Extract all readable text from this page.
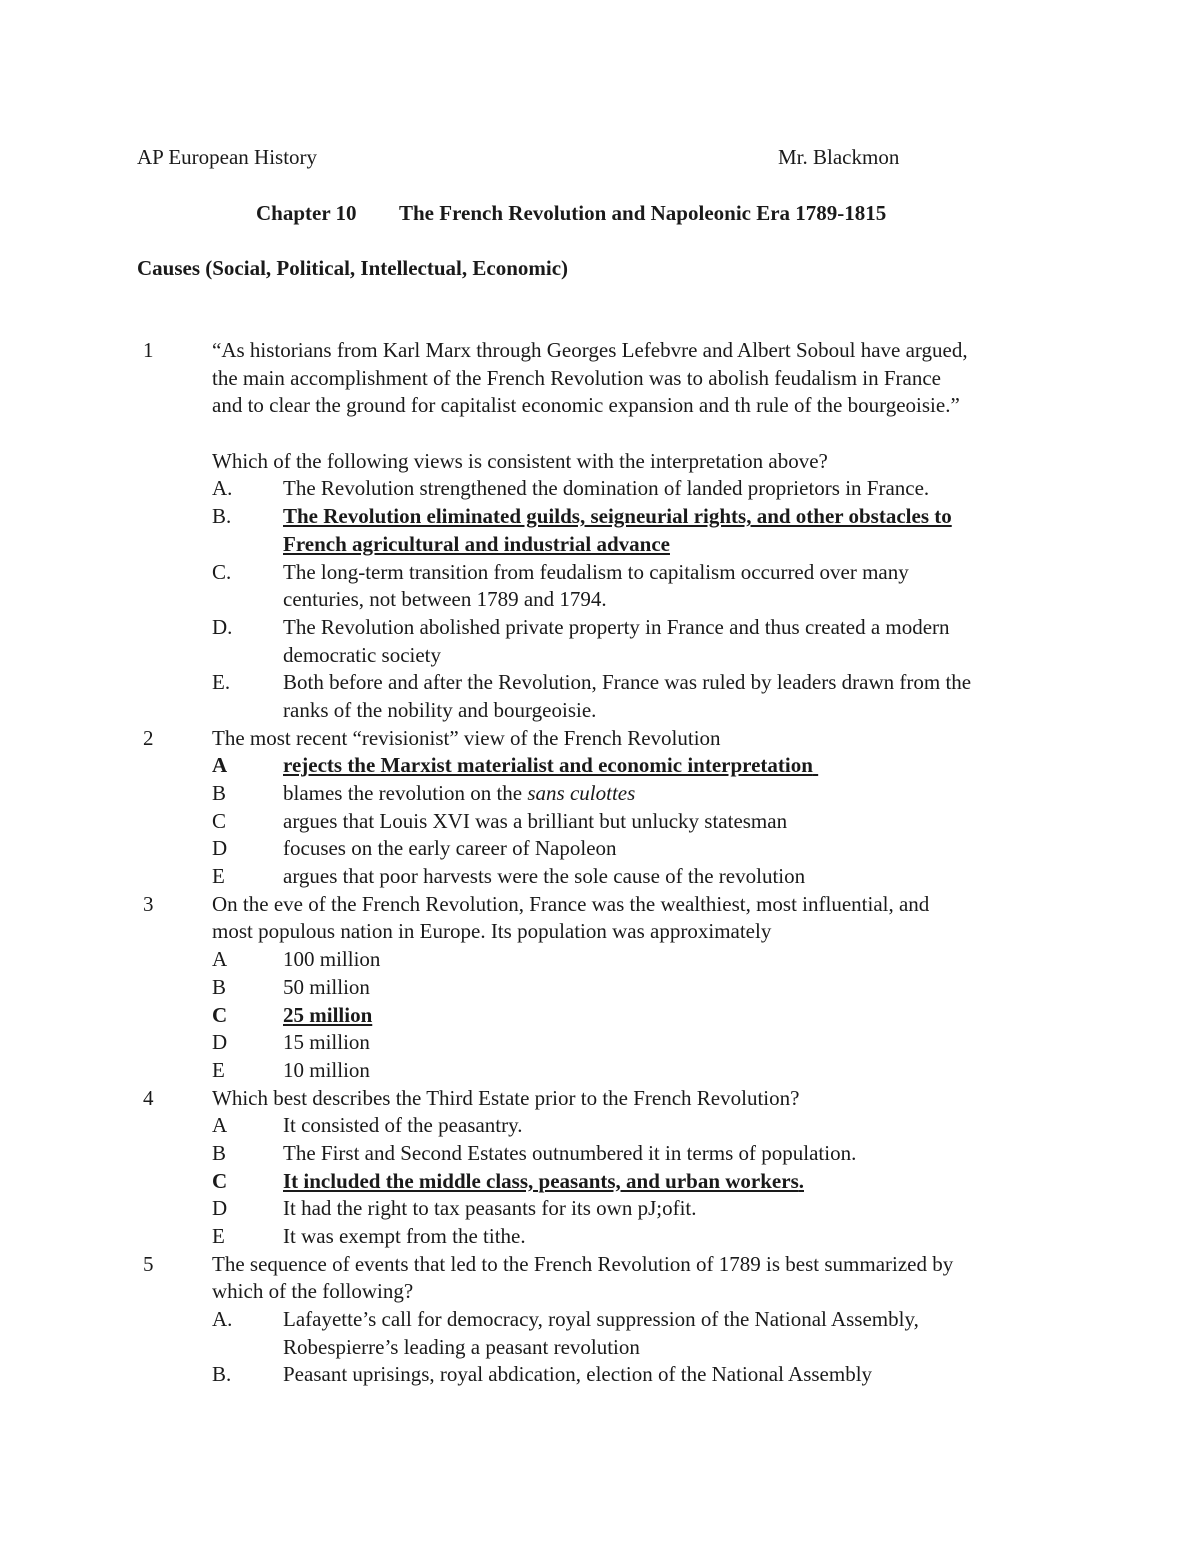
AP European History	Mr. Blackmon
Chapter 10 The French Revolution and Napoleonic Era 1789-1815
Causes (Social, Political, Intellectual, Economic)
1	“As historians from Karl Marx through Georges Lefebvre and Albert Soboul have argued,
the main accomplishment of the French Revolution was to abolish feudalism in France
and to clear the ground for capitalist economic expansion and th rule of the bourgeoisie.”
Which of the following views is consistent with the interpretation above?
A. The Revolution strengthened the domination of landed proprietors in France.
B. The Revolution eliminated guilds, seigneurial rights, and other obstacles to
French agricultural and industrial advance
C. The long-term transition from feudalism to capitalism occurred over many
centuries, not between 1789 and 1794.
D. The Revolution abolished private property in France and thus created a modern
democratic society
E.	Both before and after the Revolution, France was ruled by leaders drawn from the
ranks of the nobility and bourgeoisie.
2	The most recent “revisionist” view of the French Revolution
A	rejects the Marxist materialist and economic interpretation
B	blames the revolution on the sans culottes
C	argues that Louis XVI was a brilliant but unlucky statesman
D	focuses on the early career of Napoleon
E	argues that poor harvests were the sole cause of the revolution
3	On the eve of the French Revolution, France was the wealthiest, most influential, and
most populous nation in Europe. Its population was approximately
A	100 million
B	50 million
C	25 million
D	15 million
E	10 million
4	Which best describes the Third Estate prior to the French Revolution?
A	It consisted of the peasantry.
B	The First and Second Estates outnumbered it in terms of population.
C	It included the middle class, peasants, and urban workers.
D	It had the right to tax peasants for its own pJ;ofit.
E	It was exempt from the tithe.
5	The sequence of events that led to the French Revolution of 1789 is best summarized by
which of the following?
A. Lafayette’s call for democracy, royal suppression of the National Assembly,
Robespierre’s leading a peasant revolution
B. Peasant uprisings, royal abdication, election of the National Assembly
